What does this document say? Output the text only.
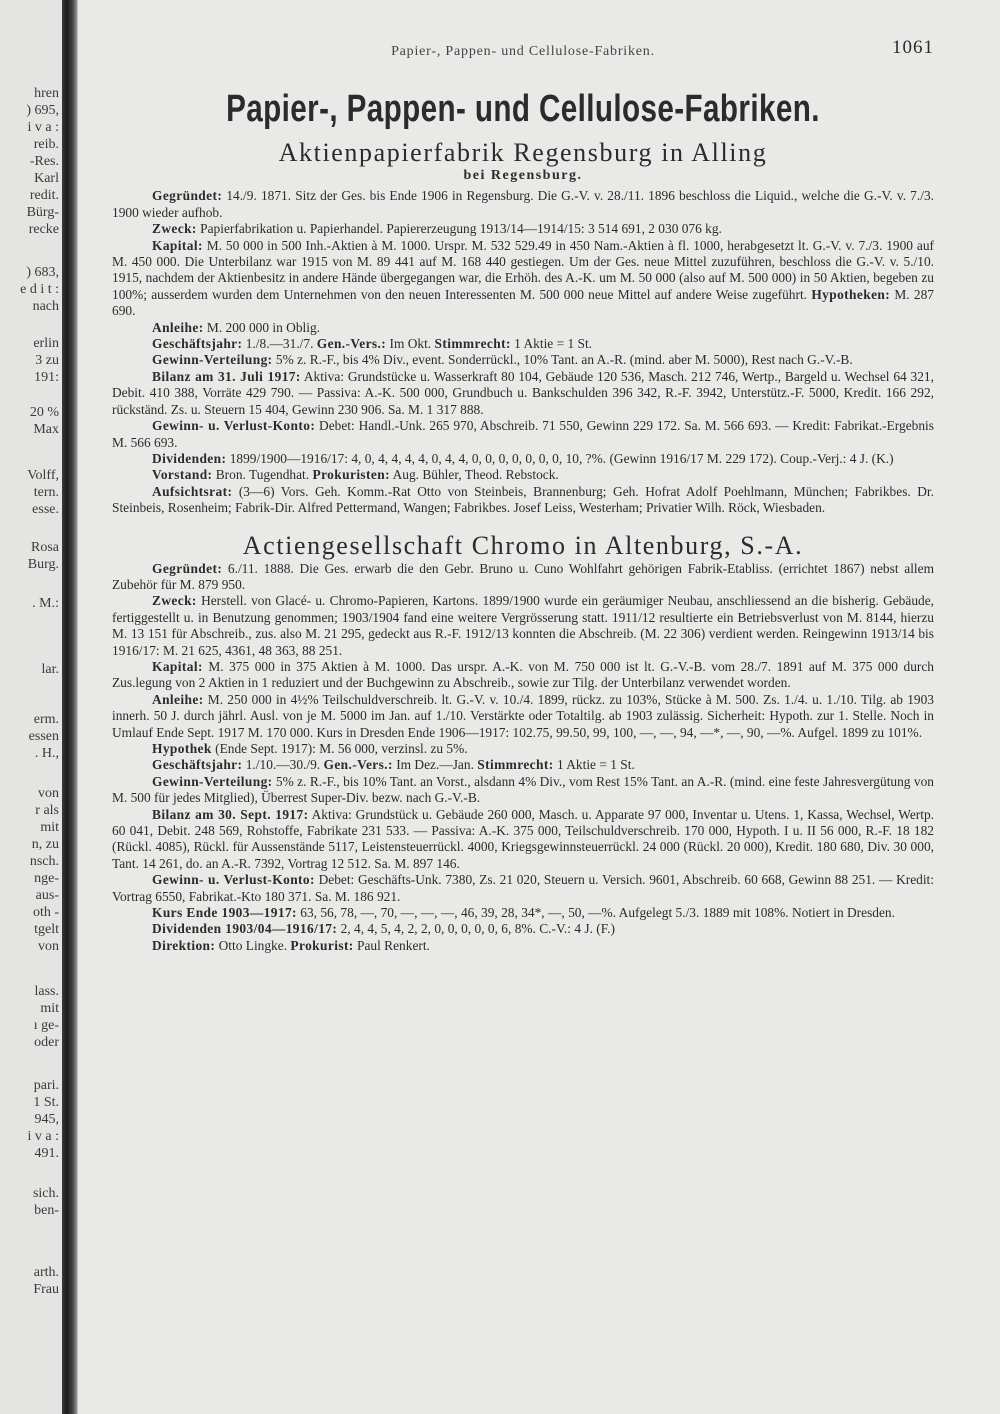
hren
) 695,
i v a :
reib.
-Res.
Karl
redit.
Bürg-
recke
) 683,
e d i t :
nach
erlin
3 zu
191:
20 %
Max
Volff,
tern.
esse.
Rosa
Burg.
. M.:
lar.
erm.
essen
. H.,
von
r als
mit
n, zu
nsch.
nge-
aus-
oth -
tgelt
von
lass.
mit
ı ge-
oder
pari.
1 St.
945,
i v a :
491.
sich.
ben-
arth.
Frau
Papier-, Pappen- und Cellulose-Fabriken.	1061
Papier-, Pappen- und Cellulose-Fabriken.
Aktienpapierfabrik Regensburg in Alling
bei Regensburg.

Gegründet: 14./9. 1871. Sitz der Ges. bis Ende 1906 in Regensburg. Die G.-V. v. 28./11. 1896 beschloss die Liquid., welche die G.-V. v. 7./3. 1900 wieder aufhob.

Zweck: Papierfabrikation u. Papierhandel. Papiererzeugung 1913/14—1914/15: 3 514 691, 2 030 076 kg.

Kapital: M. 50 000 in 500 Inh.-Aktien à M. 1000. Urspr. M. 532 529.49 in 450 Nam.-Aktien à fl. 1000, herabgesetzt lt. G.-V. v. 7./3. 1900 auf M. 450 000. Die Unterbilanz war 1915 von M. 89 441 auf M. 168 440 gestiegen. Um der Ges. neue Mittel zuzuführen, beschloss die G.-V. v. 5./10. 1915, nachdem der Aktienbesitz in andere Hände übergegangen war, die Erhöh. des A.-K. um M. 50 000 (also auf M. 500 000) in 50 Aktien, begeben zu 100%; ausserdem wurden dem Unternehmen von den neuen Interessenten M. 500 000 neue Mittel auf andere Weise zugeführt. Hypotheken: M. 287 690.

Anleihe: M. 200 000 in Oblig.

Geschäftsjahr: 1./8.—31./7. Gen.-Vers.: Im Okt. Stimmrecht: 1 Aktie = 1 St.

Gewinn-Verteilung: 5% z. R.-F., bis 4% Div., event. Sonderrückl., 10% Tant. an A.-R. (mind. aber M. 5000), Rest nach G.-V.-B.

Bilanz am 31. Juli 1917: Aktiva: Grundstücke u. Wasserkraft 80 104, Gebäude 120 536, Masch. 212 746, Wertp., Bargeld u. Wechsel 64 321, Debit. 410 388, Vorräte 429 790. — Passiva: A.-K. 500 000, Grundbuch u. Bankschulden 396 342, R.-F. 3942, Unterstütz.-F. 5000, Kredit. 166 292, rückständ. Zs. u. Steuern 15 404, Gewinn 230 906. Sa. M. 1 317 888.

Gewinn- u. Verlust-Konto: Debet: Handl.-Unk. 265 970, Abschreib. 71 550, Gewinn 229 172. Sa. M. 566 693. — Kredit: Fabrikat.-Ergebnis M. 566 693.

Dividenden: 1899/1900—1916/17: 4, 0, 4, 4, 4, 4, 0, 4, 4, 0, 0, 0, 0, 0, 0, 0, 10, ?%. (Gewinn 1916/17 M. 229 172). Coup.-Verj.: 4 J. (K.)

Vorstand: Bron. Tugendhat. Prokuristen: Aug. Bühler, Theod. Rebstock.

Aufsichtsrat: (3—6) Vors. Geh. Komm.-Rat Otto von Steinbeis, Brannenburg; Geh. Hofrat Adolf Poehlmann, München; Fabrikbes. Dr. Steinbeis, Rosenheim; Fabrik-Dir. Alfred Pettermand, Wangen; Fabrikbes. Josef Leiss, Westerham; Privatier Wilh. Röck, Wiesbaden.

Actiengesellschaft Chromo in Altenburg, S.-A.

Gegründet: 6./11. 1888. Die Ges. erwarb die den Gebr. Bruno u. Cuno Wohlfahrt gehörigen Fabrik-Etabliss. (errichtet 1867) nebst allem Zubehör für M. 879 950.

Zweck: Herstell. von Glacé- u. Chromo-Papieren, Kartons. 1899/1900 wurde ein geräumiger Neubau, anschliessend an die bisherig. Gebäude, fertiggestellt u. in Benutzung genommen; 1903/1904 fand eine weitere Vergrösserung statt. 1911/12 resultierte ein Betriebsverlust von M. 8144, hierzu M. 13 151 für Abschreib., zus. also M. 21 295, gedeckt aus R.-F. 1912/13 konnten die Abschreib. (M. 22 306) verdient werden. Reingewinn 1913/14 bis 1916/17: M. 21 625, 4361, 48 363, 88 251.

Kapital: M. 375 000 in 375 Aktien à M. 1000. Das urspr. A.-K. von M. 750 000 ist lt. G.-V.-B. vom 28./7. 1891 auf M. 375 000 durch Zus.legung von 2 Aktien in 1 reduziert und der Buchgewinn zu Abschreib., sowie zur Tilg. der Unterbilanz verwendet worden.

Anleihe: M. 250 000 in 4½% Teilschuldverschreib. lt. G.-V. v. 10./4. 1899, rückz. zu 103%, Stücke à M. 500. Zs. 1./4. u. 1./10. Tilg. ab 1903 innerh. 50 J. durch jährl. Ausl. von je M. 5000 im Jan. auf 1./10. Verstärkte oder Totaltilg. ab 1903 zulässig. Sicherheit: Hypoth. zur 1. Stelle. Noch in Umlauf Ende Sept. 1917 M. 170 000. Kurs in Dresden Ende 1906—1917: 102.75, 99.50, 99, 100, —, —, 94, —*, —, 90, —%. Aufgel. 1899 zu 101%.

Hypothek (Ende Sept. 1917): M. 56 000, verzinsl. zu 5%.

Geschäftsjahr: 1./10.—30./9. Gen.-Vers.: Im Dez.—Jan. Stimmrecht: 1 Aktie = 1 St.

Gewinn-Verteilung: 5% z. R.-F., bis 10% Tant. an Vorst., alsdann 4% Div., vom Rest 15% Tant. an A.-R. (mind. eine feste Jahresvergütung von M. 500 für jedes Mitglied), Überrest Super-Div. bezw. nach G.-V.-B.

Bilanz am 30. Sept. 1917: Aktiva: Grundstück u. Gebäude 260 000, Masch. u. Apparate 97 000, Inventar u. Utens. 1, Kassa, Wechsel, Wertp. 60 041, Debit. 248 569, Rohstoffe, Fabrikate 231 533. — Passiva: A.-K. 375 000, Teilschuldverschreib. 170 000, Hypoth. I u. II 56 000, R.-F. 18 182 (Rückl. 4085), Rückl. für Aussenstände 5117, Leistensteuerrückl. 4000, Kriegsgewinnsteuerrückl. 24 000 (Rückl. 20 000), Kredit. 180 680, Div. 30 000, Tant. 14 261, do. an A.-R. 7392, Vortrag 12 512. Sa. M. 897 146.

Gewinn- u. Verlust-Konto: Debet: Geschäfts-Unk. 7380, Zs. 21 020, Steuern u. Versich. 9601, Abschreib. 60 668, Gewinn 88 251. — Kredit: Vortrag 6550, Fabrikat.-Kto 180 371. Sa. M. 186 921.

Kurs Ende 1903—1917: 63, 56, 78, —, 70, —, —, —, 46, 39, 28, 34*, —, 50, —%. Aufgelegt 5./3. 1889 mit 108%. Notiert in Dresden.

Dividenden 1903/04—1916/17: 2, 4, 4, 5, 4, 2, 2, 0, 0, 0, 0, 0, 6, 8%. C.-V.: 4 J. (F.)

Direktion: Otto Lingke. Prokurist: Paul Renkert.
